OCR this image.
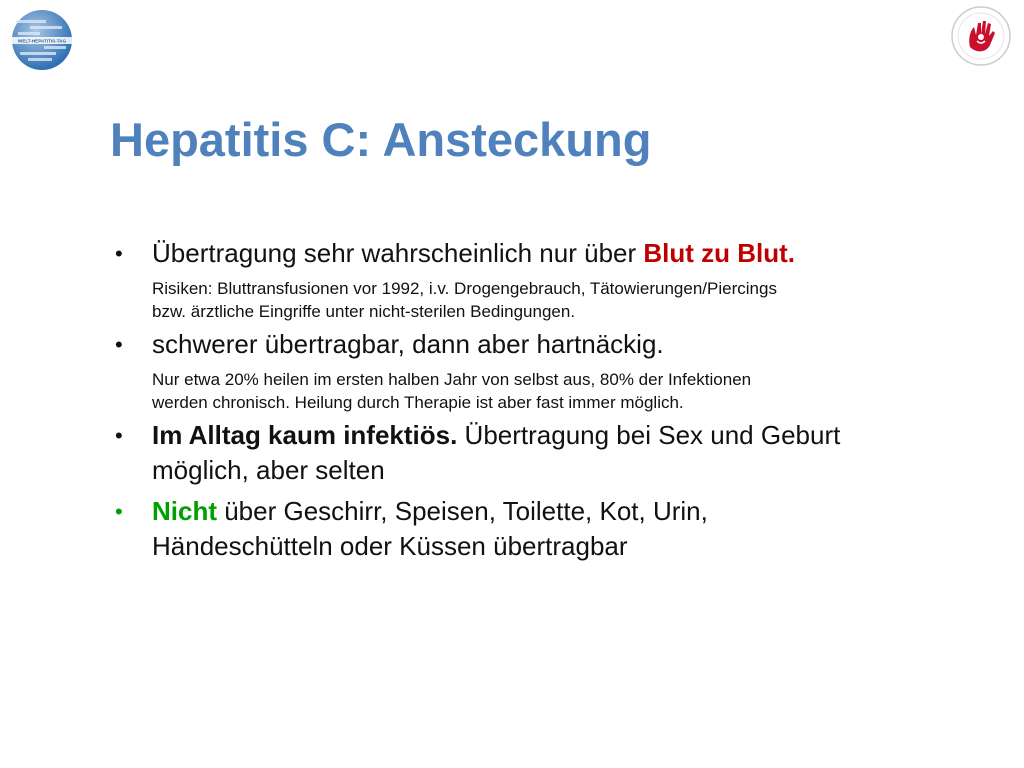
WELT-HEPATITIS-TAG
Hepatitis C: Ansteckung
• Übertragung sehr wahrscheinlich nur über Blut zu Blut.
Risiken: Bluttransfusionen vor 1992, i.v. Drogengebrauch, Tätowierungen/Piercings
bzw. ärztliche Eingriffe unter nicht-sterilen Bedingungen.
• schwerer übertragbar, dann aber hartnäckig.
Nur etwa 20% heilen im ersten halben Jahr von selbst aus, 80% der Infektionen
werden chronisch. Heilung durch Therapie ist aber fast immer möglich.
• Im Alltag kaum infektiös. Übertragung bei Sex und Geburt möglich, aber selten
• Nicht über Geschirr, Speisen, Toilette, Kot, Urin, Händeschütteln oder Küssen übertragbar
